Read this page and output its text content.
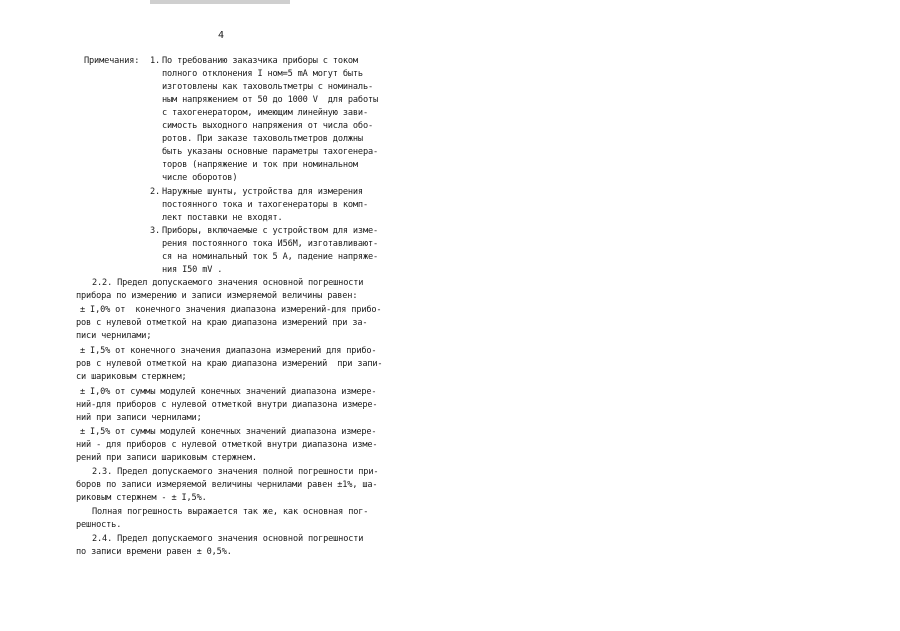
4
Примечания: 1. По требованию заказчика приборы с током
полного отклонения I ном=5 mA могут быть
изготовлены как таховольтметры с номиналь-
ным напряжением от 50 до 1000 V  для работы
с тахогенератором, имеющим линейную зави-
симость выходного напряжения от числа обо-
ротов. При заказе таховольтметров должны
быть указаны основные параметры тахогенера-
торов (напряжение и ток при номинальном
числе оборотов)
2. Наружные шунты, устройства для измерения
постоянного тока и тахогенераторы в комп-
лект поставки не входят.
3. Приборы, включаемые с устройством для изме-
рения постоянного тока И56М, изготавливают-
ся на номинальный ток 5 А, падение напряже-
ния I50 mV .
2.2. Предел допускаемого значения основной погрешности
прибора по измерению и записи измеряемой величины равен:
± I,0% от  конечного значения диапазона измерений-для прибо-
ров с нулевой отметкой на краю диапазона измерений при за-
писи чернилами;
± I,5% от конечного значения диапазона измерений для прибо-
ров с нулевой отметкой на краю диапазона измерений  при запи-
си шариковым стержнем;
± I,0% от суммы модулей конечных значений диапазона измере-
ний-для приборов с нулевой отметкой внутри диапазона измере-
ний при записи чернилами;
± I,5% от суммы модулей конечных значений диапазона измере-
ний - для приборов с нулевой отметкой внутри диапазона изме-
рений при записи шариковым стержнем.
2.3. Предел допускаемого значения полной погрешности при-
боров по записи измеряемой величины чернилами равен ±1%, ша-
риковым стержнем - ± I,5%.
Полная погрешность выражается так же, как основная пог-
решность.
2.4. Предел допускаемого значения основной погрешности
по записи времени равен ± 0,5%.
